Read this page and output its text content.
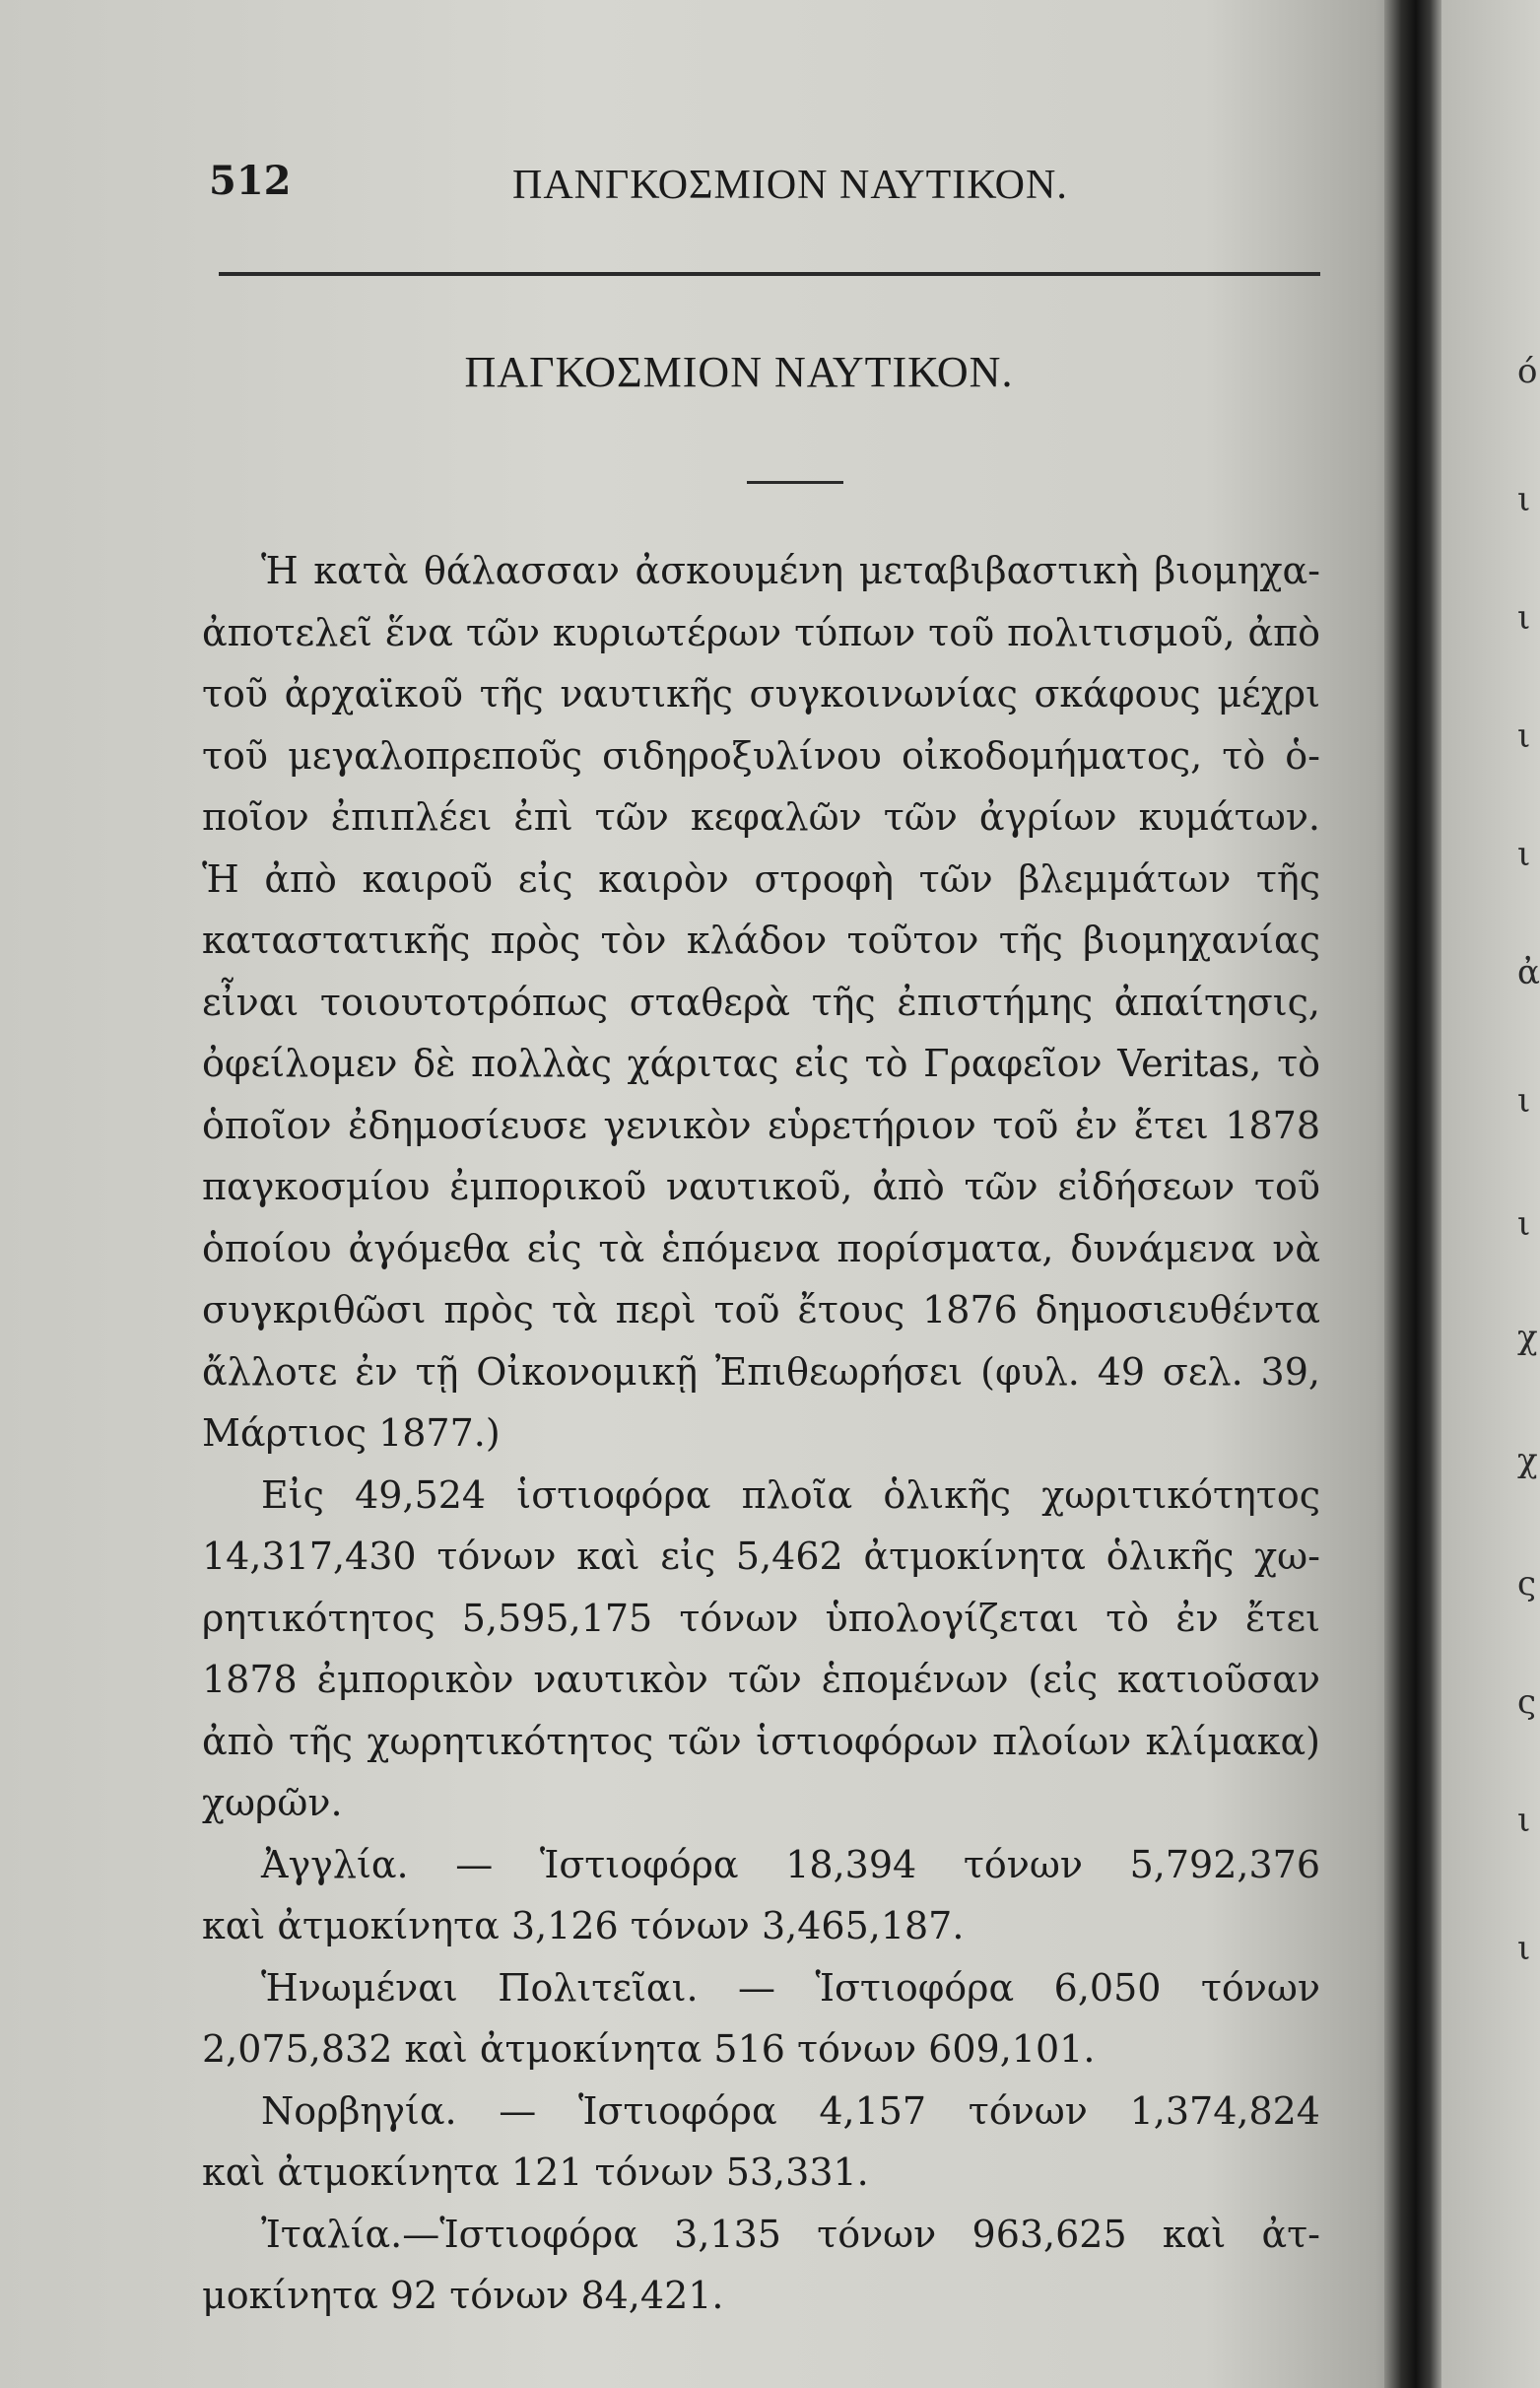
512	ΠΑΝΓΚΟΣΜΙΟΝ ΝΑΥΤΙΚΟΝ.
ΠΑΓΚΟΣΜΙΟΝ ΝΑΥΤΙΚΟΝ.
Ἡ κατὰ θάλασσαν ἀσκουμένη μεταβιβαστικὴ βιομηχα-
ἀποτελεῖ ἕνα τῶν κυριωτέρων τύπων τοῦ πολιτισμοῦ, ἀπὸ
τοῦ ἀρχαϊκοῦ τῆς ναυτικῆς συγκοινωνίας σκάφους μέχρι
τοῦ μεγαλοπρεποῦς σιδηροξυλίνου οἰκοδομήματος, τὸ ὁ-
ποῖον ἐπιπλέει ἐπὶ τῶν κεφαλῶν τῶν ἀγρίων κυμάτων.
Ἡ ἀπὸ καιροῦ εἰς καιρὸν στροφὴ τῶν βλεμμάτων τῆς
καταστατικῆς πρὸς τὸν κλάδον τοῦτον τῆς βιομηχανίας
εἶναι τοιουτοτρόπως σταθερὰ τῆς ἐπιστήμης ἀπαίτησις,
ὀφείλομεν δὲ πολλὰς χάριτας εἰς τὸ Γραφεῖον Veritas, τὸ
ὁποῖον ἐδημοσίευσε γενικὸν εὑρετήριον τοῦ ἐν ἔτει 1878
παγκοσμίου ἐμπορικοῦ ναυτικοῦ, ἀπὸ τῶν εἰδήσεων τοῦ
ὁποίου ἀγόμεθα εἰς τὰ ἑπόμενα πορίσματα, δυνάμενα νὰ
συγκριθῶσι πρὸς τὰ περὶ τοῦ ἔτους 1876 δημοσιευθέντα
ἄλλοτε ἐν τῇ Οἰκονομικῇ Ἐπιθεωρήσει (φυλ. 49 σελ. 39,
Μάρτιος 1877.)
Εἰς 49,524 ἱστιοφόρα πλοῖα ὁλικῆς χωριτικότητος
14,317,430 τόνων καὶ εἰς 5,462 ἀτμοκίνητα ὁλικῆς χω-
ρητικότητος 5,595,175 τόνων ὑπολογίζεται τὸ ἐν ἔτει
1878 ἐμπορικὸν ναυτικὸν τῶν ἑπομένων (εἰς κατιοῦσαν
ἀπὸ τῆς χωρητικότητος τῶν ἱστιοφόρων πλοίων κλίμακα)
χωρῶν.
Ἀγγλία. — Ἱστιοφόρα 18,394 τόνων 5,792,376
καὶ ἀτμοκίνητα 3,126 τόνων 3,465,187.
Ἡνωμέναι Πολιτεῖαι. — Ἱστιοφόρα 6,050 τόνων
2,075,832 καὶ ἀτμοκίνητα 516 τόνων 609,101.
Νορβηγία. — Ἱστιοφόρα 4,157 τόνων 1,374,824
καὶ ἀτμοκίνητα 121 τόνων 53,331.
Ἰταλία.—Ἱστιοφόρα 3,135 τόνων 963,625 καὶ ἀτ-
μοκίνητα 92 τόνων 84,421.
ό
ι
ι
ι
ι
ἀ
ι
ι
χ
χ
ς
ς
ι
ι
